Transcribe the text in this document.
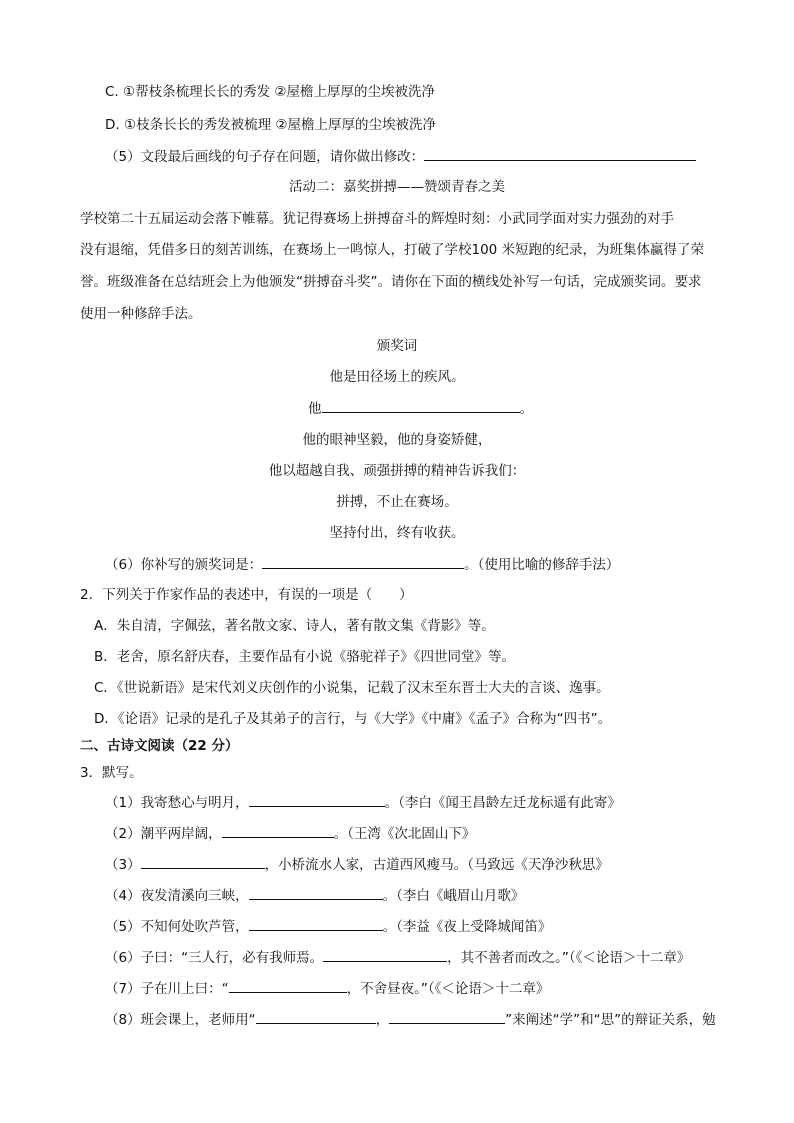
C. ①帮枝条梳理长长的秀发 ②屋檐上厚厚的尘埃被洗净
D. ①枝条长长的秀发被梳理 ②屋檐上厚厚的尘埃被洗净
（5）文段最后画线的句子存在问题，请你做出修改：
活动二：嘉奖拼搏——赞颂青春之美
学校第二十五届运动会落下帷幕。犹记得赛场上拼搏奋斗的辉煌时刻：小武同学面对实力强劲的对手
没有退缩，凭借多日的刻苦训练，在赛场上一鸣惊人，打破了学校100 米短跑的纪录，为班集体赢得了荣
誉。班级准备在总结班会上为他颁发“拼搏奋斗奖”。请你在下面的横线处补写一句话，完成颁奖词。要求
使用一种修辞手法。
颁奖词
他是田径场上的疾风。
他	。
他的眼神坚毅，他的身姿矫健，
他以超越自我、顽强拼搏的精神告诉我们：
拼搏，不止在赛场。
坚持付出，终有收获。
（6）你补写的颁奖词是：	。（使用比喻的修辞手法）
2．下列关于作家作品的表述中，有误的一项是（　　）
A．朱自清，字佩弦，著名散文家、诗人，著有散文集《背影》等。
B．老舍，原名舒庆春，主要作品有小说《骆驼祥子》《四世同堂》等。
C．《世说新语》是宋代刘义庆创作的小说集，记载了汉末至东晋士大夫的言谈、逸事。
D．《论语》记录的是孔子及其弟子的言行，与《大学》《中庸》《孟子》合称为“四书”。
二、古诗文阅读（22 分）
3．默写。
（1）我寄愁心与明月，	。（李白《闻王昌龄左迁龙标遥有此寄》
（2）潮平两岸阔，	。（王湾《次北固山下》
（3）	，小桥流水人家，古道西风瘦马。（马致远《天净沙秋思》
（4）夜发清溪向三峡，	。（李白《峨眉山月歌》
（5）不知何处吹芦管，	。（李益《夜上受降城闻笛》
（6）子曰：“三人行，必有我师焉。	，其不善者而改之。”（《＜论语＞十二章》
（7）子在川上曰：“	，不舍昼夜。”（《＜论语＞十二章》
（8）班会课上，老师用“	，	”来阐述“学”和“思”的辩证关系，勉
